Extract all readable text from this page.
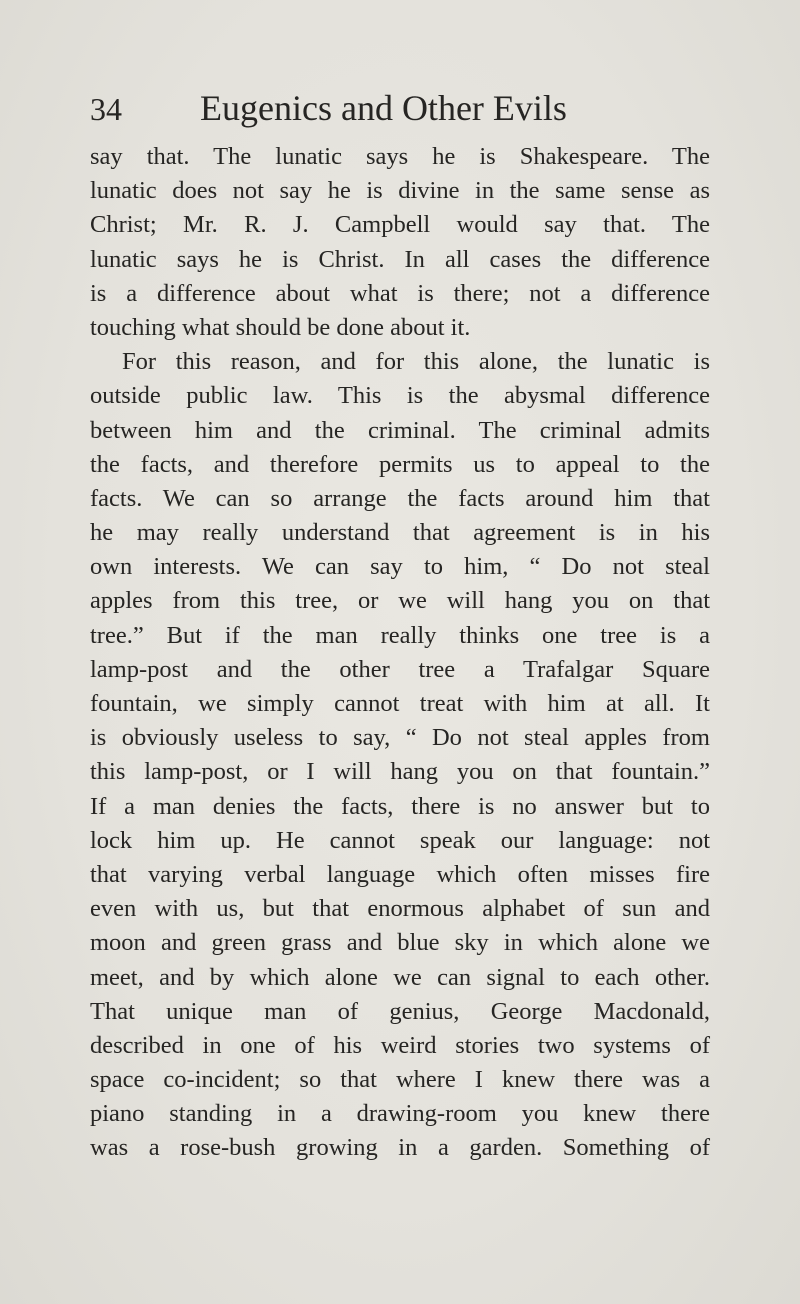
34 Eugenics and Other Evils
say that. The lunatic says he is Shakespeare. The
lunatic does not say he is divine in the same sense as
Christ; Mr. R. J. Campbell would say that. The
lunatic says he is Christ. In all cases the difference
is a difference about what is there; not a difference
touching what should be done about it.
For this reason, and for this alone, the lunatic is
outside public law. This is the abysmal difference
between him and the criminal. The criminal admits
the facts, and therefore permits us to appeal to the
facts. We can so arrange the facts around him that
he may really understand that agreement is in his
own interests. We can say to him, “ Do not steal
apples from this tree, or we will hang you on that
tree.” But if the man really thinks one tree is a
lamp-post and the other tree a Trafalgar Square
fountain, we simply cannot treat with him at all. It
is obviously useless to say, “ Do not steal apples from
this lamp-post, or I will hang you on that fountain.”
If a man denies the facts, there is no answer but to
lock him up. He cannot speak our language: not
that varying verbal language which often misses fire
even with us, but that enormous alphabet of sun and
moon and green grass and blue sky in which alone we
meet, and by which alone we can signal to each other.
That unique man of genius, George Macdonald,
described in one of his weird stories two systems of
space co-incident; so that where I knew there was a
piano standing in a drawing-room you knew there
was a rose-bush growing in a garden. Something of
